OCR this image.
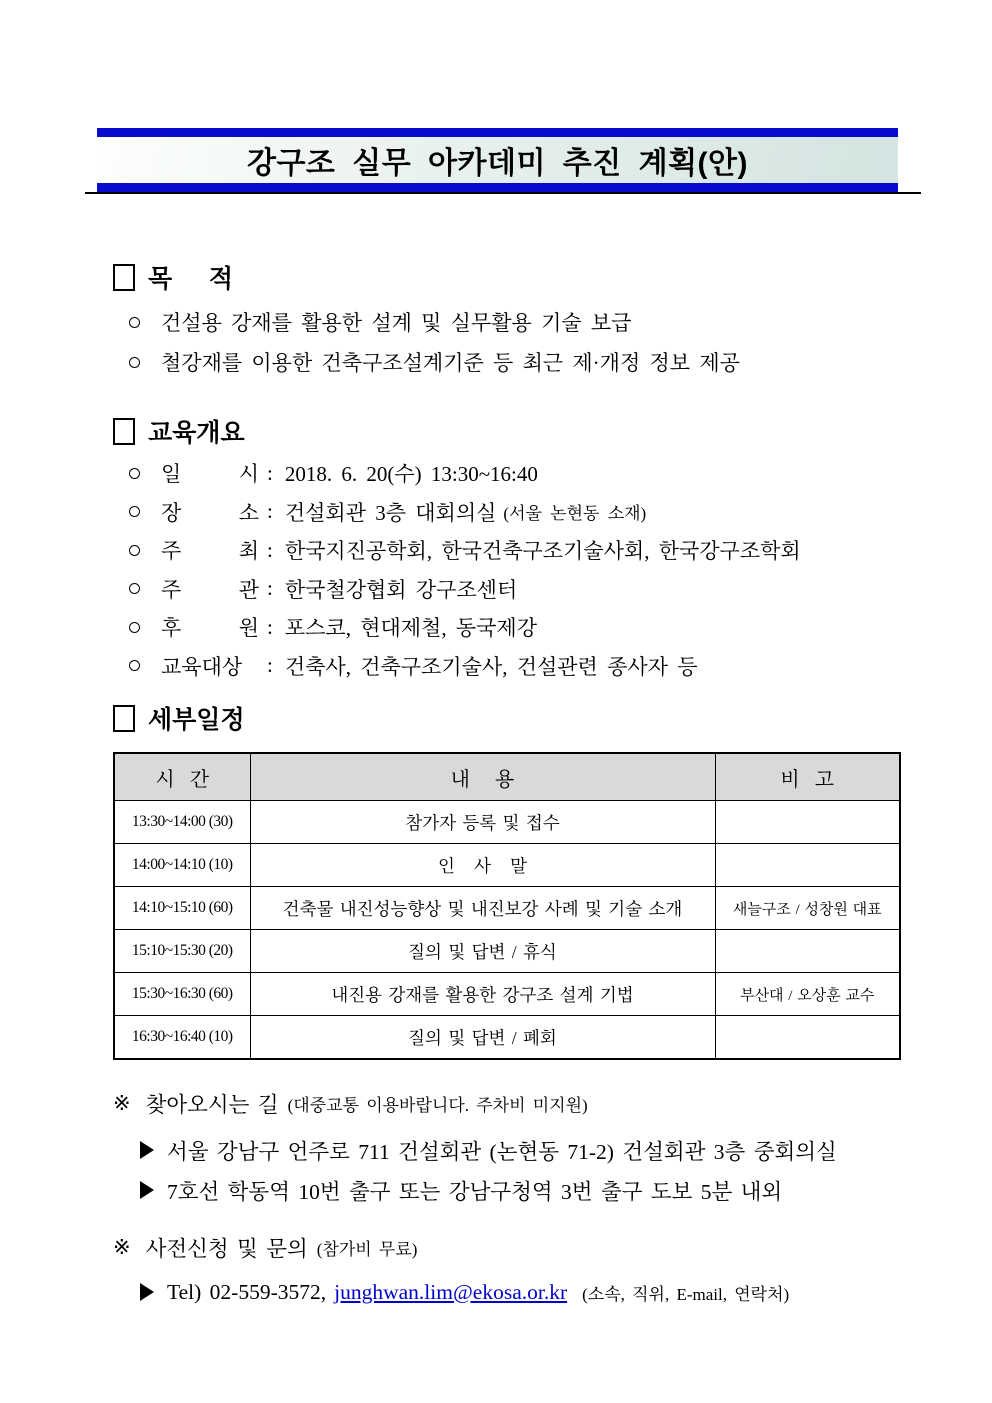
강구조 실무 아카데미 추진 계획(안)
목 적
건설용 강재를 활용한 설계 및 실무활용 기술 보급
철강재를 이용한 건축구조설계기준 등 최근 제·개정 정보 제공
교육개요
일 시 : 2018. 6. 20(수) 13:30~16:40
장 소 : 건설회관 3층 대회의실 (서울 논현동 소재)
주 최 : 한국지진공학회, 한국건축구조기술사회, 한국강구조학회
주 관 : 한국철강협회 강구조센터
후 원 : 포스코, 현대제철, 동국제강
교육대상	: 건축사, 건축구조기술사, 건설관련 종사자 등
세부일정
시   간	내     용	비   고
13:30~14:00 (30)	참가자 등록 및 접수	
14:00~14:10 (10)	인   사   말	
14:10~15:10 (60)	건축물 내진성능향상 및 내진보강 사례 및 기술 소개	새늘구조 / 성창원 대표
15:10~15:30 (20)	질의 및 답변 / 휴식	
15:30~16:30 (60)	내진용 강재를 활용한 강구조 설계 기법	부산대 / 오상훈 교수
16:30~16:40 (10)	질의 및 답변 / 폐회	
※ 찾아오시는 길 (대중교통 이용바랍니다. 주차비 미지원)
서울 강남구 언주로 711 건설회관 (논현동 71-2) 건설회관 3층 중회의실
7호선 학동역 10번 출구 또는 강남구청역 3번 출구 도보 5분 내외
※ 사전신청 및 문의 (참가비 무료)
Tel) 02-559-3572, junghwan.lim@ekosa.or.kr (소속, 직위, E-mail, 연락처)
